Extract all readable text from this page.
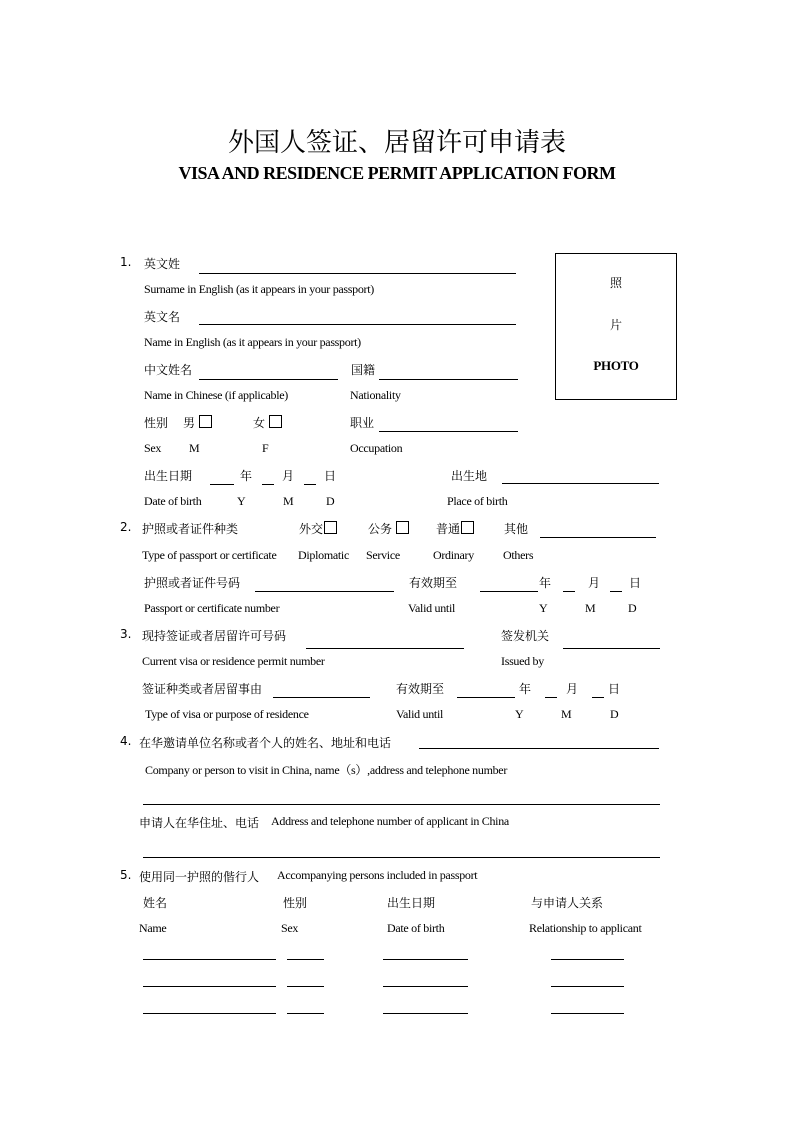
外国人签证、居留许可申请表
VISA AND RESIDENCE PERMIT APPLICATION FORM
照
片
PHOTO
1. 英文姓
Surname in English (as it appears in your passport)
英文名
Name in English (as it appears in your passport)
中文姓名	国籍
Name in Chinese (if applicable)	Nationality
性别 男	女	职业
Sex M	F	Occupation
出生日期	年 月 日	出生地
Date of birth	Y	M	D	Place of birth
2. 护照或者证件种类	外交	公务	普通	其他
Type of passport or certificate Diplomatic Service	Ordinary Others
护照或者证件号码	有效期至	年	月 日
Passport or certificate number	Valid until	Y	M	D
3. 现持签证或者居留许可号码	签发机关
Current visa or residence permit number	Issued by
签证种类或者居留事由	有效期至	年	月 日
Type of visa or purpose of residence	Valid until	Y	M	D
4. 在华邀请单位名称或者个人的姓名、地址和电话
Company or person to visit in China, name（s）,address and telephone number
申请人在华住址、电话 Address and telephone number of applicant in China
5. 使用同一护照的偕行人 Accompanying persons included in passport
姓名	性别	出生日期	与申请人关系
Name	Sex	Date of birth	Relationship to applicant
